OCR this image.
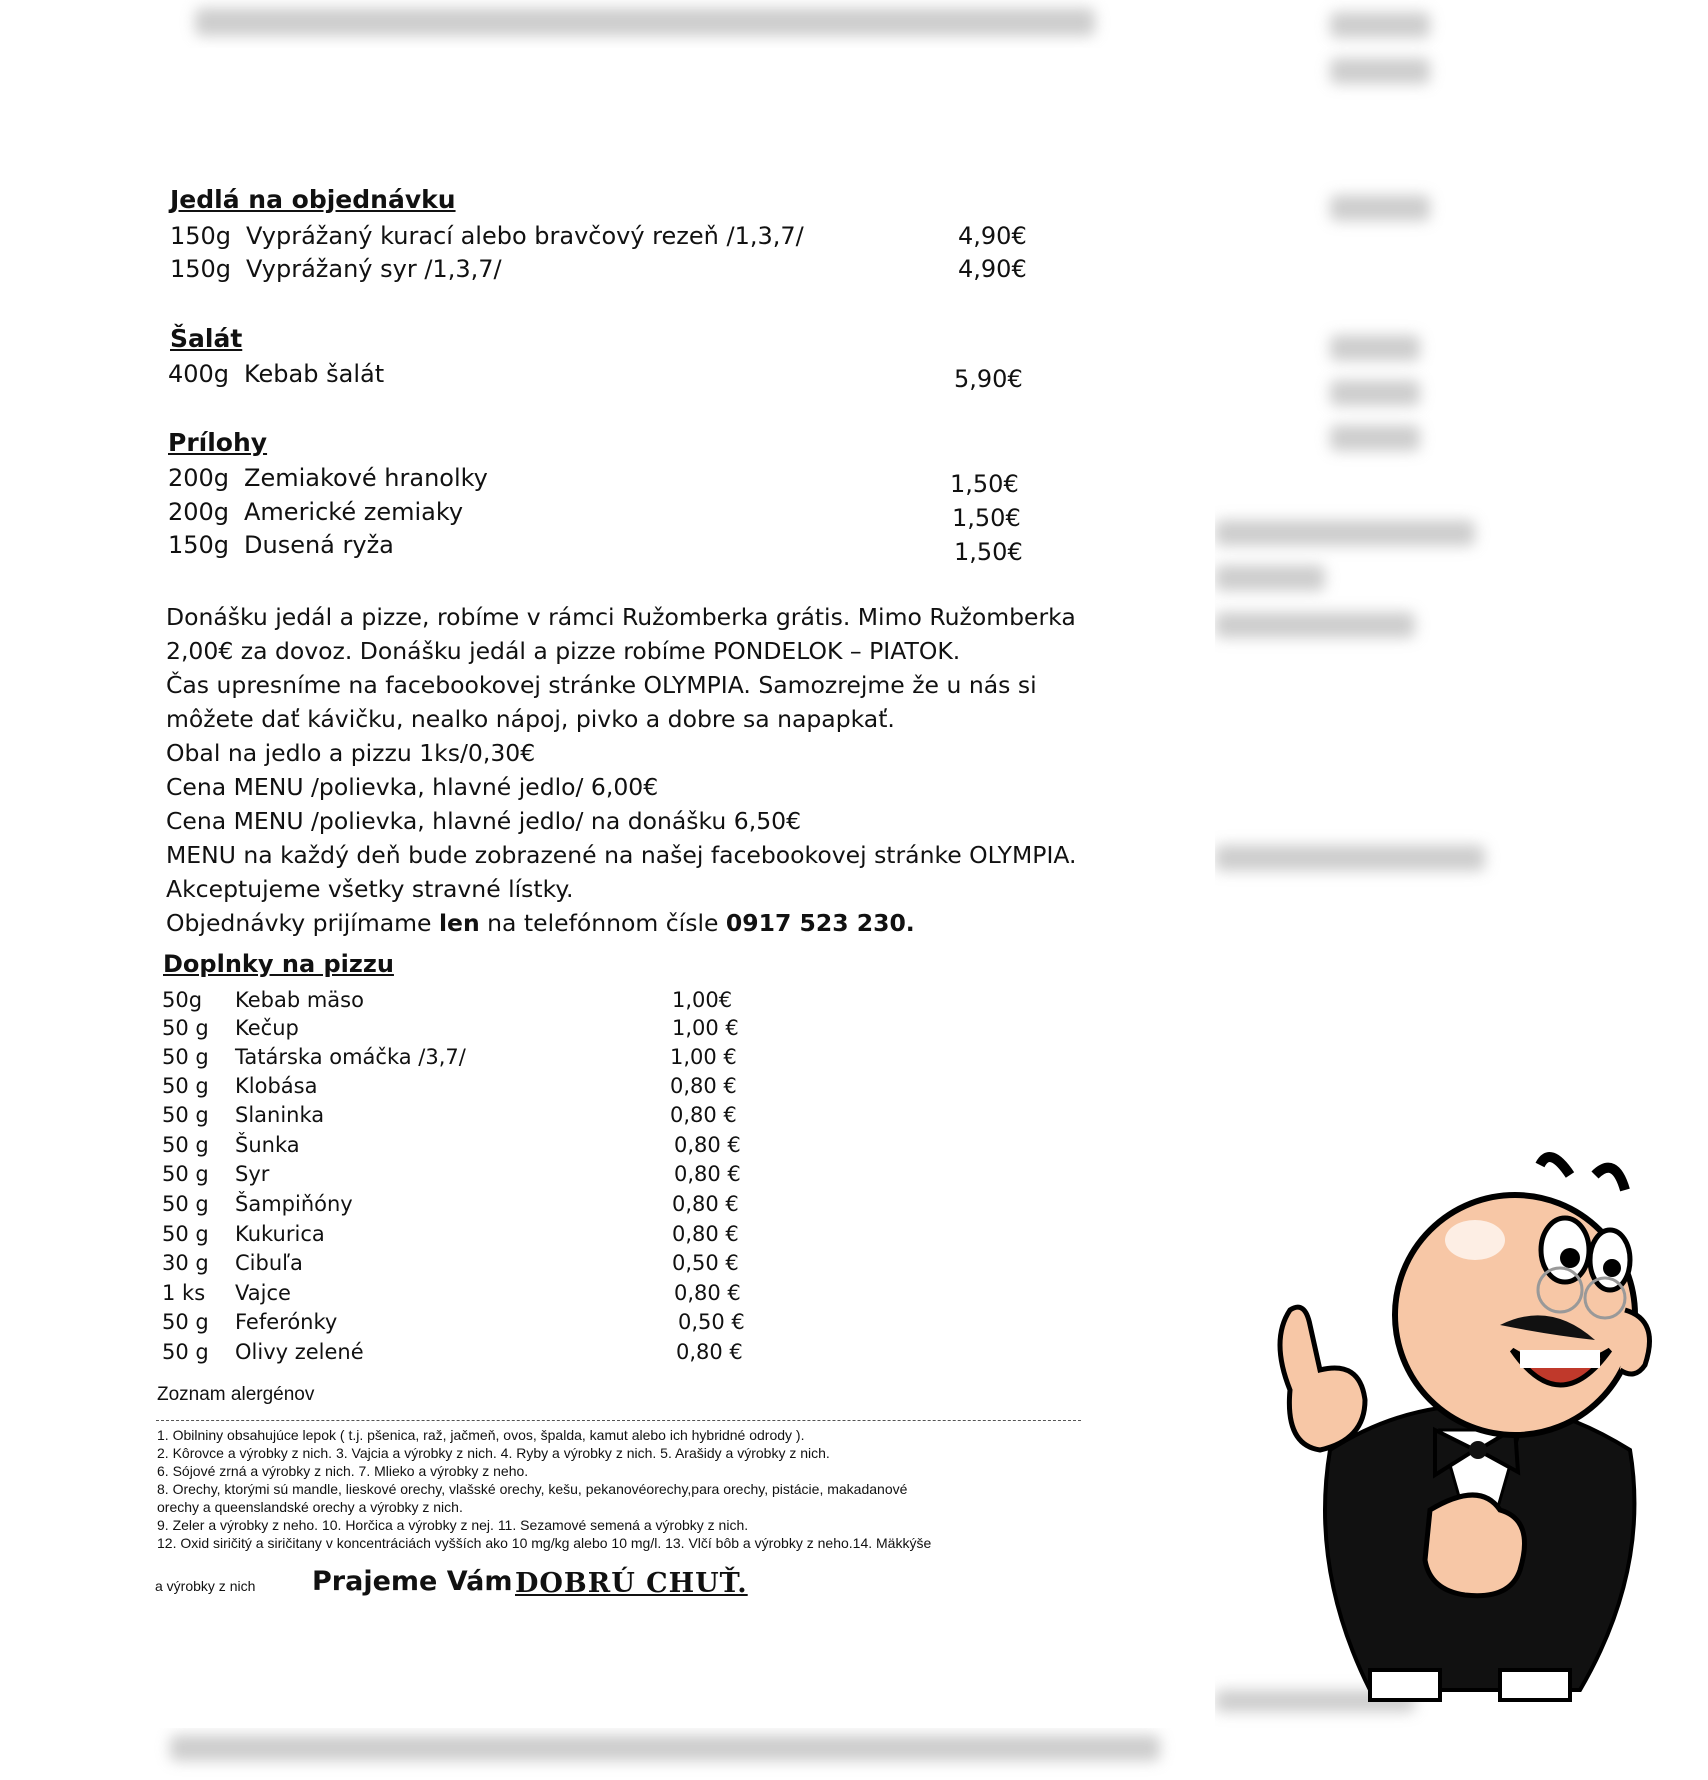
Jedlá na objednávku
150g Vyprážaný kurací alebo bravčový rezeň /1,3,7/	4,90€
150g Vyprážaný syr /1,3,7/	4,90€
Šalát
400g Kebab šalát	5,90€
Prílohy
200g Zemiakové hranolky	1,50€
200g Americké zemiaky	1,50€
150g Dusená ryža	1,50€
Donášku jedál a pizze, robíme v rámci Ružomberka grátis. Mimo Ružomberka
2,00€ za dovoz. Donášku jedál a pizze robíme PONDELOK – PIATOK.
Čas upresníme na facebookovej stránke OLYMPIA. Samozrejme že u nás si
môžete dať kávičku, nealko nápoj, pivko a dobre sa napapkať.
Obal na jedlo a pizzu 1ks/0,30€
Cena MENU /polievka, hlavné jedlo/ 6,00€
Cena MENU /polievka, hlavné jedlo/ na donášku 6,50€
MENU na každý deň bude zobrazené na našej facebookovej stránke OLYMPIA.
Akceptujeme všetky stravné lístky.
Objednávky prijímame len na telefónnom čísle 0917 523 230.
Doplnky na pizzu
50g Kebab mäso	1,00€
50 g Kečup	1,00 €
50 g Tatárska omáčka /3,7/	1,00 €
50 g Klobása	0,80 €
50 g Slaninka	0,80 €
50 g Šunka	0,80 €
50 g Syr	0,80 €
50 g Šampiňóny	0,80 €
50 g Kukurica	0,80 €
30 g Cibuľa	0,50 €
1 ks Vajce	0,80 €
50 g Feferónky	0,50 €
50 g Olivy zelené	0,80 €
Zoznam alergénov
1. Obilniny obsahujúce lepok ( t.j. pšenica, raž, jačmeň, ovos, špalda, kamut alebo ich hybridné odrody ).
2. Kôrovce a výrobky z nich. 3. Vajcia a výrobky z nich. 4. Ryby a výrobky z nich. 5. Arašidy a výrobky z nich.
6. Sójové zrná a výrobky z nich. 7. Mlieko a výrobky z neho.
8. Orechy, ktorými sú mandle, lieskové orechy, vlašské orechy, kešu, pekanovéorechy,para orechy, pistácie, makadanové
orechy a queenslandské orechy a výrobky z nich.
9. Zeler a výrobky z neho. 10. Horčica a výrobky z nej. 11. Sezamové semená a výrobky z nich.
12. Oxid siričitý a siričitany v koncentráciách vyšších ako 10 mg/kg alebo 10 mg/l. 13. Vlčí bôb a výrobky z neho.14. Mäkkýše
a výrobky z nich Prajeme Vám DOBRÚ CHUŤ.
